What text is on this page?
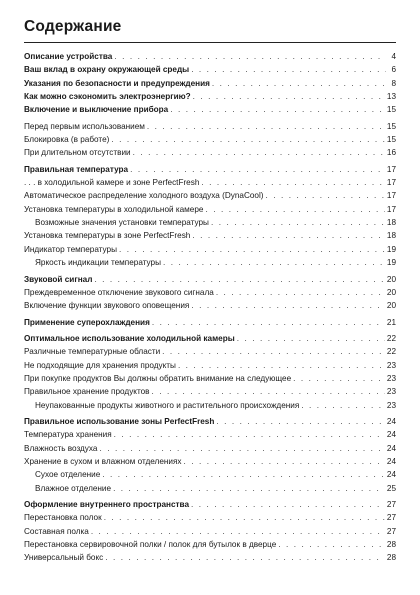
Содержание
Описание устройства . . .	4
Ваш вклад в охрану окружающей среды . . .	6
Указания по безопасности и предупреждения . . .	8
Как можно сэкономить электроэнергию? . . .	13
Включение и выключение прибора . . .	15
Перед первым использованием . . .	15
Блокировка (в работе) . . .	15
При длительном отсутствии . . .	16
Правильная температура . . .	17
. . . в холодильной камере и зоне PerfectFresh . . .	17
Автоматическое распределение холодного воздуха (DynaCool) . . .	17
Установка температуры в холодильной камере . . .	17
Возможные значения установки температуры . . .	18
Установка температуры в зоне PerfectFresh . . .	18
Индикатор температуры . . .	19
Яркость индикации температуры . . .	19
Звуковой сигнал . . .	20
Преждевременное отключение звукового сигнала . . .	20
Включение функции звукового оповещения . . .	20
Применение суперохлаждения . . .	21
Оптимальное использование холодильной камеры . . .	22
Различные температурные области . . .	22
Не подходящие для хранения продукты . . .	23
При покупке продуктов Вы должны обратить внимание на следующее . . .	23
Правильное хранение продуктов . . .	23
Неупакованные продукты животного и растительного происхождения . . .	23
Правильное использование зоны PerfectFresh . . .	24
Температура хранения . . .	24
Влажность воздуха . . .	24
Хранение в сухом и влажном отделениях . . .	24
Сухое отделение . . .	24
Влажное отделение . . .	25
Оформление внутреннего пространства . . .	27
Перестановка полок . . .	27
Составная полка . . .	27
Перестановка сервировочной полки / полок для бутылок в дверце . . .	28
Универсальный бокс . . .	28
